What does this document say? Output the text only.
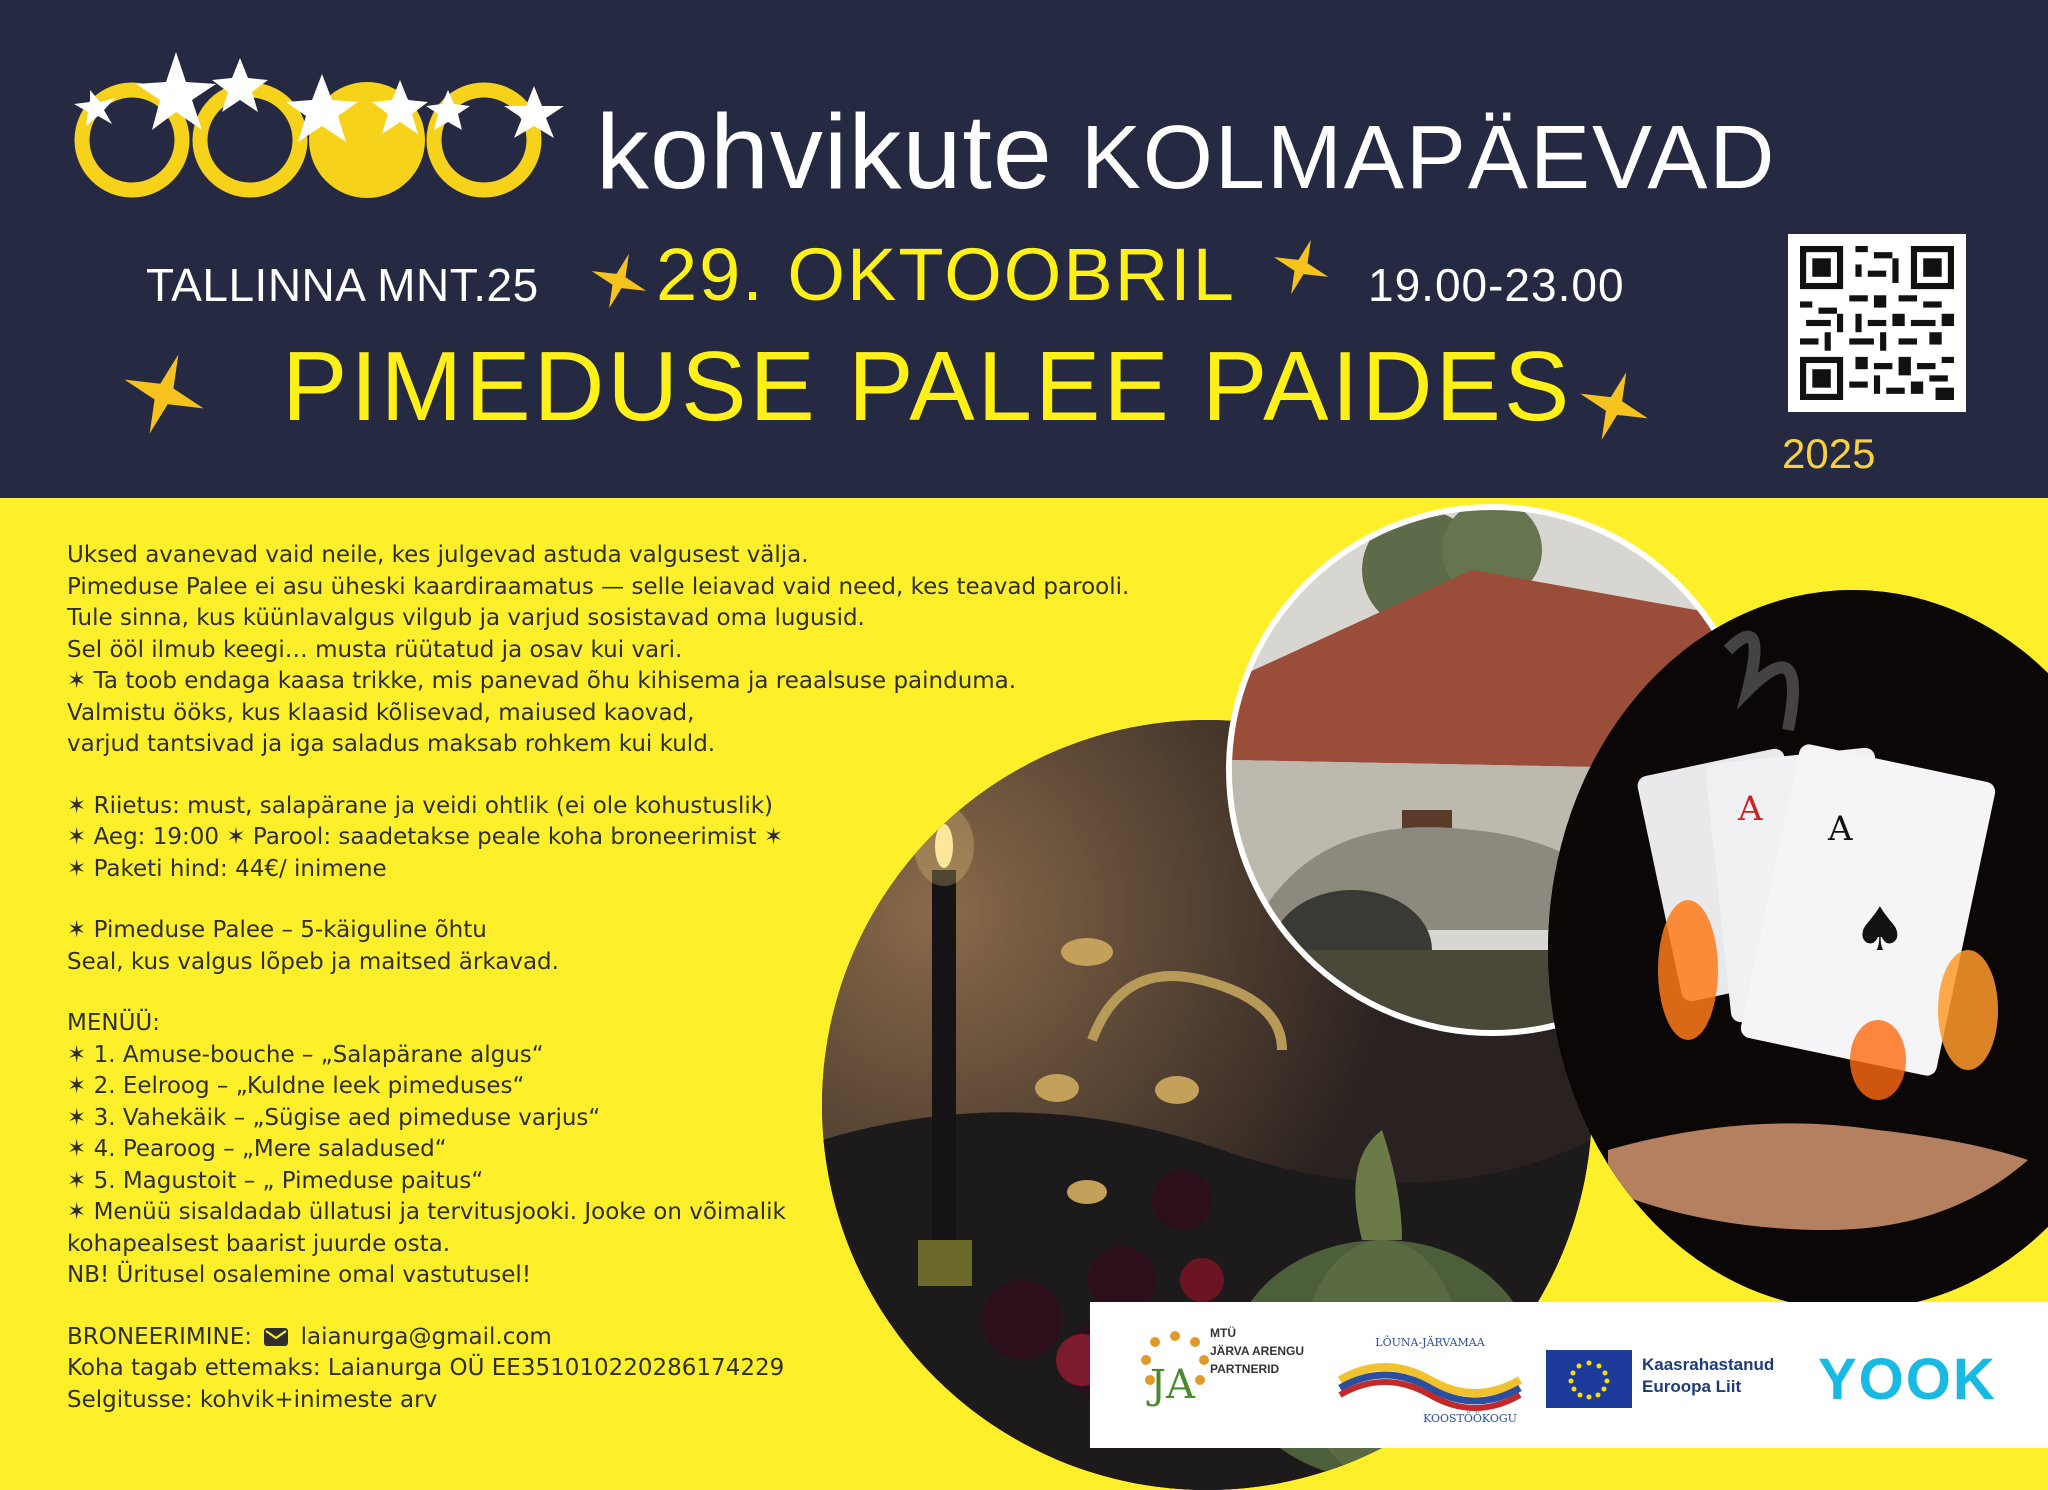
kohvikute KOLMAPÄEVAD
TALLINNA MNT.25 29. OKTOOBRIL	19.00-23.00
PIMEDUSE PALEE PAIDES
2025

Uksed avanevad vaid neile, kes julgevad astuda valgusest välja.

Pimeduse Palee ei asu üheski kaardiraamatus — selle leiavad vaid need, kes teavad parooli.

Tule sinna, kus küünlavalgus vilgub ja varjud sosistavad oma lugusid.

Sel ööl ilmub keegi… musta rüütatud ja osav kui vari.

✶ Ta toob endaga kaasa trikke, mis panevad õhu kihisema ja reaalsuse painduma.

Valmistu ööks, kus klaasid kõlisevad, maiused kaovad,

varjud tantsivad ja iga saladus maksab rohkem kui kuld.

✶ Riietus: must, salapärane ja veidi ohtlik (ei ole kohustuslik)

✶ Aeg: 19:00 ✶ Parool: saadetakse peale koha broneerimist ✶

✶ Paketi hind: 44€/ inimene

✶ Pimeduse Palee – 5-käiguline õhtu

Seal, kus valgus lõpeb ja maitsed ärkavad.

MENÜÜ:

✶ 1. Amuse-bouche – „Salapärane algus“

✶ 2. Eelroog – „Kuldne leek pimeduses“

✶ 3. Vahekäik – „Sügise aed pimeduse varjus“

✶ 4. Pearoog – „Mere saladused“

✶ 5. Magustoit – „ Pimeduse paitus“

✶ Menüü sisaldadab üllatusi ja tervitusjooki. Jooke on võimalik

kohapealsest baarist juurde osta.

NB! Üritusel osalemine omal vastutusel!

BRONEERIMINE: laianurga@gmail.com

Koha tagab ettemaks: Laianurga OÜ EE351010220286174229

Selgitusse: kohvik+inimeste arv

A A
♠
JA
MTÜ
JÄRVA ARENGU
PARTNERID
LÕUNA-JÄRVAMAA
KOOSTÖÖKOGU
Kaasrahastanud
Euroopa Liit	YOOK
